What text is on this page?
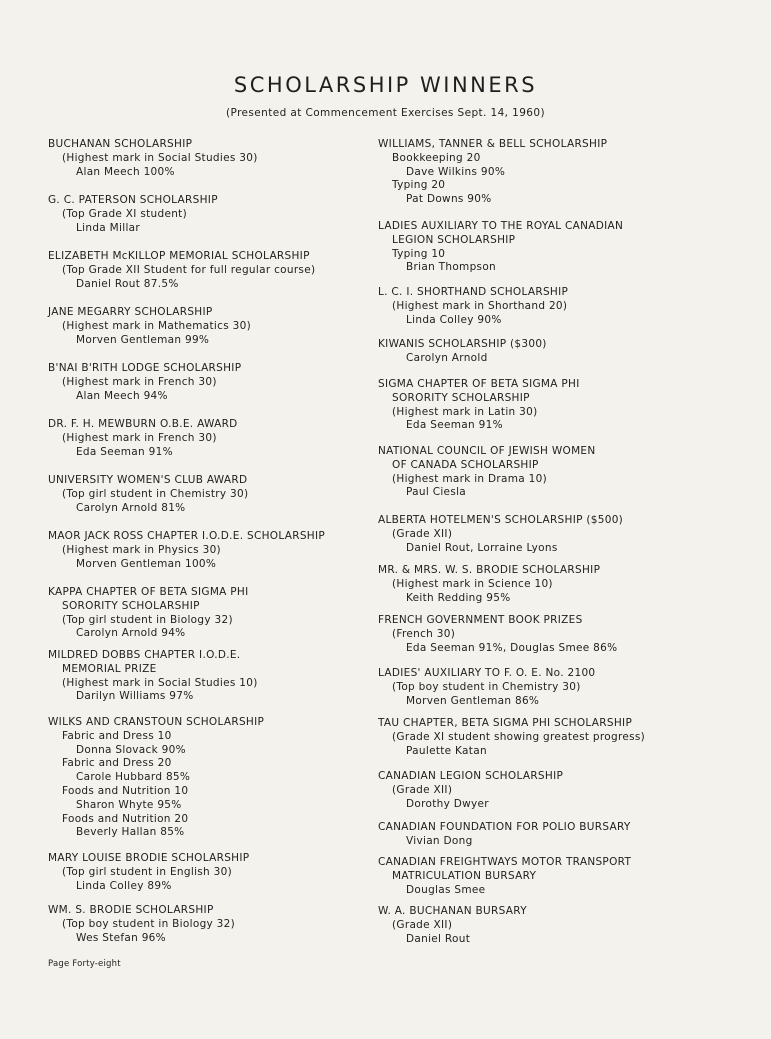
SCHOLARSHIP WINNERS
(Presented at Commencement Exercises Sept. 14, 1960)
BUCHANAN SCHOLARSHIP
(Highest mark in Social Studies 30)
Alan Meech 100%
G. C. PATERSON SCHOLARSHIP
(Top Grade XI student)
Linda Millar
ELIZABETH McKILLOP MEMORIAL SCHOLARSHIP
(Top Grade XII Student for full regular course)
Daniel Rout 87.5%
JANE MEGARRY SCHOLARSHIP
(Highest mark in Mathematics 30)
Morven Gentleman 99%
B'NAI B'RITH LODGE SCHOLARSHIP
(Highest mark in French 30)
Alan Meech 94%
DR. F. H. MEWBURN O.B.E. AWARD
(Highest mark in French 30)
Eda Seeman 91%
UNIVERSITY WOMEN'S CLUB AWARD
(Top girl student in Chemistry 30)
Carolyn Arnold 81%
MAOR JACK ROSS CHAPTER I.O.D.E. SCHOLARSHIP
(Highest mark in Physics 30)
Morven Gentleman 100%
KAPPA CHAPTER OF BETA SIGMA PHI
SORORITY SCHOLARSHIP
(Top girl student in Biology 32)
Carolyn Arnold 94%
MILDRED DOBBS CHAPTER I.O.D.E.
MEMORIAL PRIZE
(Highest mark in Social Studies 10)
Darilyn Williams 97%
WILKS AND CRANSTOUN SCHOLARSHIP
Fabric and Dress 10
Donna Slovack 90%
Fabric and Dress 20
Carole Hubbard 85%
Foods and Nutrition 10
Sharon Whyte 95%
Foods and Nutrition 20
Beverly Hallan 85%
MARY LOUISE BRODIE SCHOLARSHIP
(Top girl student in English 30)
Linda Colley 89%
WM. S. BRODIE SCHOLARSHIP
(Top boy student in Biology 32)
Wes Stefan 96%
WILLIAMS, TANNER & BELL SCHOLARSHIP
Bookkeeping 20
Dave Wilkins 90%
Typing 20
Pat Downs 90%
LADIES AUXILIARY TO THE ROYAL CANADIAN
LEGION SCHOLARSHIP
Typing 10
Brian Thompson
L. C. I. SHORTHAND SCHOLARSHIP
(Highest mark in Shorthand 20)
Linda Colley 90%
KIWANIS SCHOLARSHIP ($300)
Carolyn Arnold
SIGMA CHAPTER OF BETA SIGMA PHI
SORORITY SCHOLARSHIP
(Highest mark in Latin 30)
Eda Seeman 91%
NATIONAL COUNCIL OF JEWISH WOMEN
OF CANADA SCHOLARSHIP
(Highest mark in Drama 10)
Paul Ciesla
ALBERTA HOTELMEN'S SCHOLARSHIP ($500)
(Grade XII)
Daniel Rout, Lorraine Lyons
MR. & MRS. W. S. BRODIE SCHOLARSHIP
(Highest mark in Science 10)
Keith Redding 95%
FRENCH GOVERNMENT BOOK PRIZES
(French 30)
Eda Seeman 91%, Douglas Smee 86%
LADIES' AUXILIARY TO F. O. E. No. 2100
(Top boy student in Chemistry 30)
Morven Gentleman 86%
TAU CHAPTER, BETA SIGMA PHI SCHOLARSHIP
(Grade XI student showing greatest progress)
Paulette Katan
CANADIAN LEGION SCHOLARSHIP
(Grade XII)
Dorothy Dwyer
CANADIAN FOUNDATION FOR POLIO BURSARY
Vivian Dong
CANADIAN FREIGHTWAYS MOTOR TRANSPORT
MATRICULATION BURSARY
Douglas Smee
W. A. BUCHANAN BURSARY
(Grade XII)
Daniel Rout
Page Forty-eight
